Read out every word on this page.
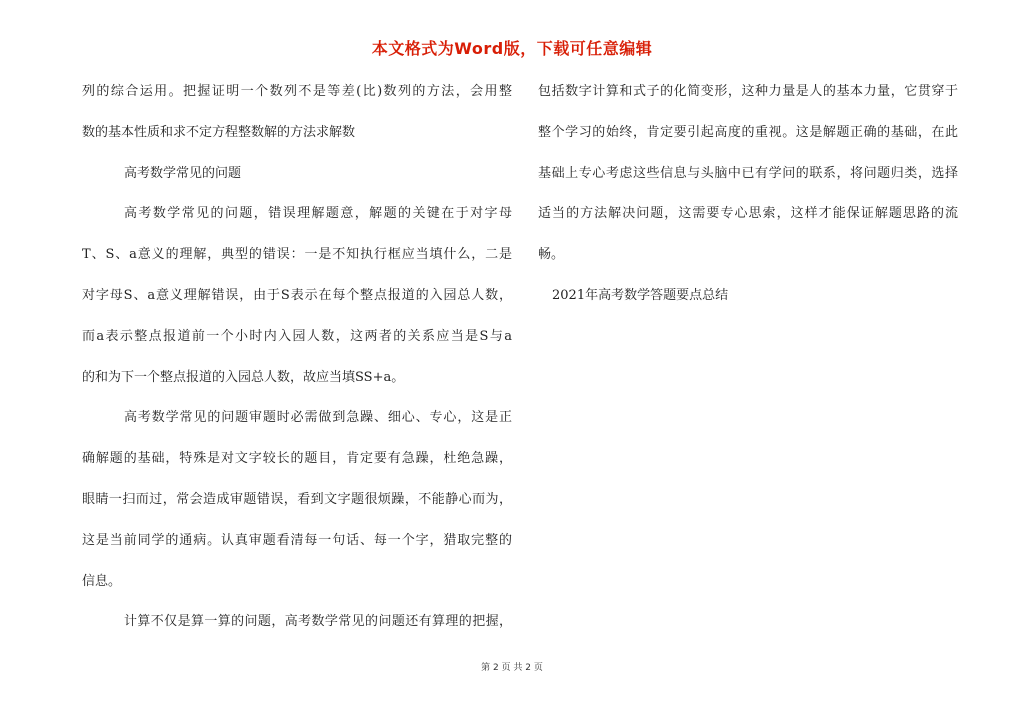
本文格式为Word版，下载可任意编辑
列的综合运用。把握证明一个数列不是等差(比)数列的方法，会用整
数的基本性质和求不定方程整数解的方法求解数
高考数学常见的问题
高考数学常见的问题，错误理解题意，解题的关键在于对字母
T、S、a意义的理解，典型的错误：一是不知执行框应当填什么，二是
对字母S、a意义理解错误，由于S表示在每个整点报道的入园总人数，
而a表示整点报道前一个小时内入园人数，这两者的关系应当是S与a
的和为下一个整点报道的入园总人数，故应当填SS+a。
高考数学常见的问题审题时必需做到急躁、细心、专心，这是正
确解题的基础，特殊是对文字较长的题目，肯定要有急躁，杜绝急躁，
眼睛一扫而过，常会造成审题错误，看到文字题很烦躁，不能静心而为，
这是当前同学的通病。认真审题看清每一句话、每一个字，猎取完整的
信息。
计算不仅是算一算的问题，高考数学常见的问题还有算理的把握，
包括数字计算和式子的化简变形，这种力量是人的基本力量，它贯穿于
整个学习的始终，肯定要引起高度的重视。这是解题正确的基础，在此
基础上专心考虑这些信息与头脑中已有学问的联系，将问题归类，选择
适当的方法解决问题，这需要专心思索，这样才能保证解题思路的流
畅。
2021年高考数学答题要点总结
第 2 页 共 2 页
